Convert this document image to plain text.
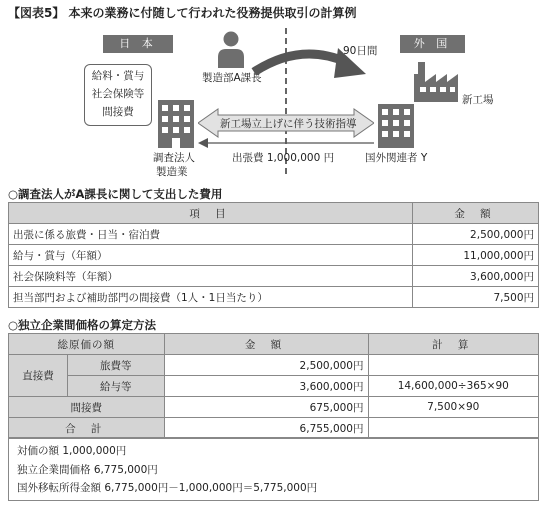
【図表5】 本来の業務に付随して行われた役務提供取引の計算例
日 本	外 国
給料・賞与
社会保険等
間接費
製造部A課長
90日間
新工場
新工場立上げに伴う技術指導
調査法人
製造業
出張費 1,000,000 円	国外関連者 Y
○調査法人がA課長に関して支出した費用
項 目	金 額
出張に係る旅費・日当・宿泊費	2,500,000円
給与・賞与（年額）	11,000,000円
社会保険料等（年額）	3,600,000円
担当部門および補助部門の間接費（1人・1日当たり）	7,500円
○独立企業間価格の算定方法
総原価の額		金 額	計 算
直接費	旅費等	2,500,000円	
	給与等	3,600,000円	14,600,000÷365×90
間接費		675,000円	7,500×90
合 計		6,755,000円	
対価の額 1,000,000円
独立企業間価格 6,775,000円
国外移転所得金額 6,775,000円－1,000,000円＝5,775,000円
